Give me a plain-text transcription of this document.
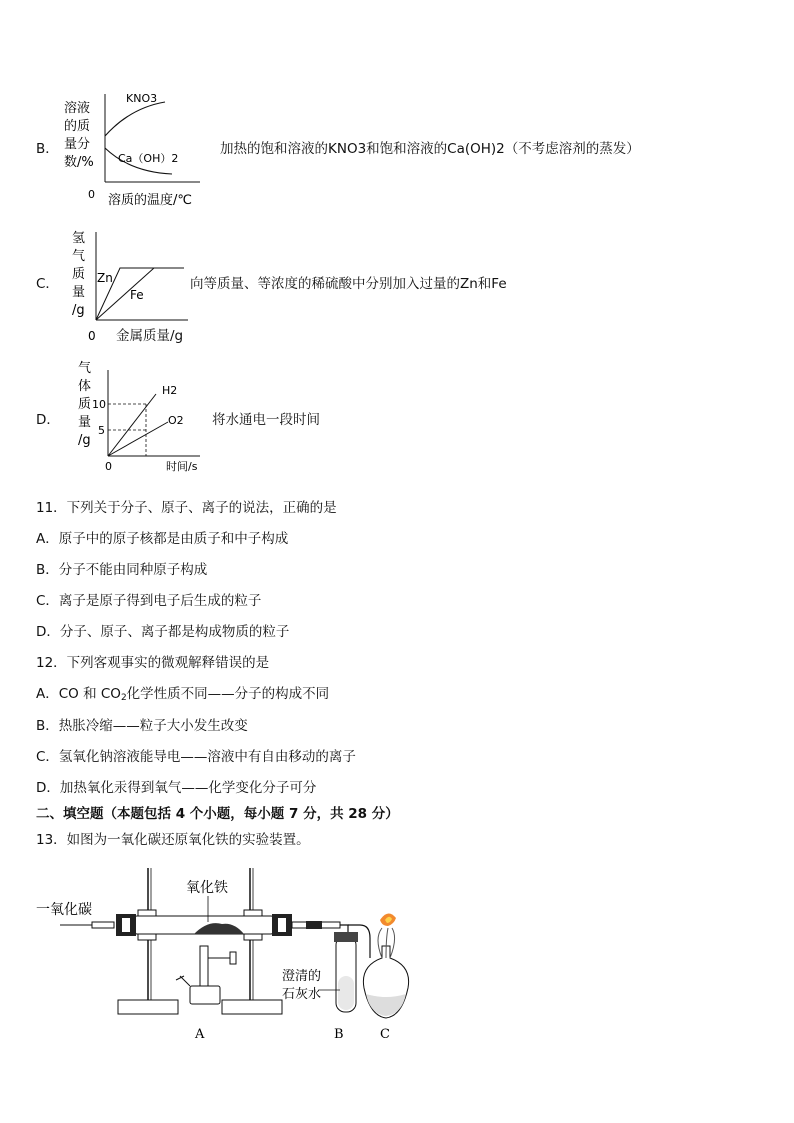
B．
溶液
的质
量分
数/%
KNO3
Ca（OH）2
0 溶质的温度/℃
加热的饱和溶液的KNO3和饱和溶液的Ca(OH)2（不考虑溶剂的蒸发）
C．
氢
气
质
量
/g
Zn
Fe
0 金属质量/g
向等质量、等浓度的稀硫酸中分别加入过量的Zn和Fe
D．
气
体
质
量
/g
H2
O2
10
5
0	时间/s
将水通电一段时间
11．下列关于分子、原子、离子的说法，正确的是
A．原子中的原子核都是由质子和中子构成
B．分子不能由同种原子构成
C．离子是原子得到电子后生成的粒子
D．分子、原子、离子都是构成物质的粒子
12．下列客观事实的微观解释错误的是
A．CO 和 $CO_2$化学性质不同——分子的构成不同
B．热胀冷缩——粒子大小发生改变
C．氢氧化钠溶液能导电——溶液中有自由移动的离子
D．加热氧化汞得到氧气——化学变化分子可分
二、填空题（本题包括 4 个小题，每小题 7 分，共 28 分）
13．如图为一氧化碳还原氧化铁的实验装置。
一氧化碳
氧化铁
澄清的
石灰水
A	B	C
